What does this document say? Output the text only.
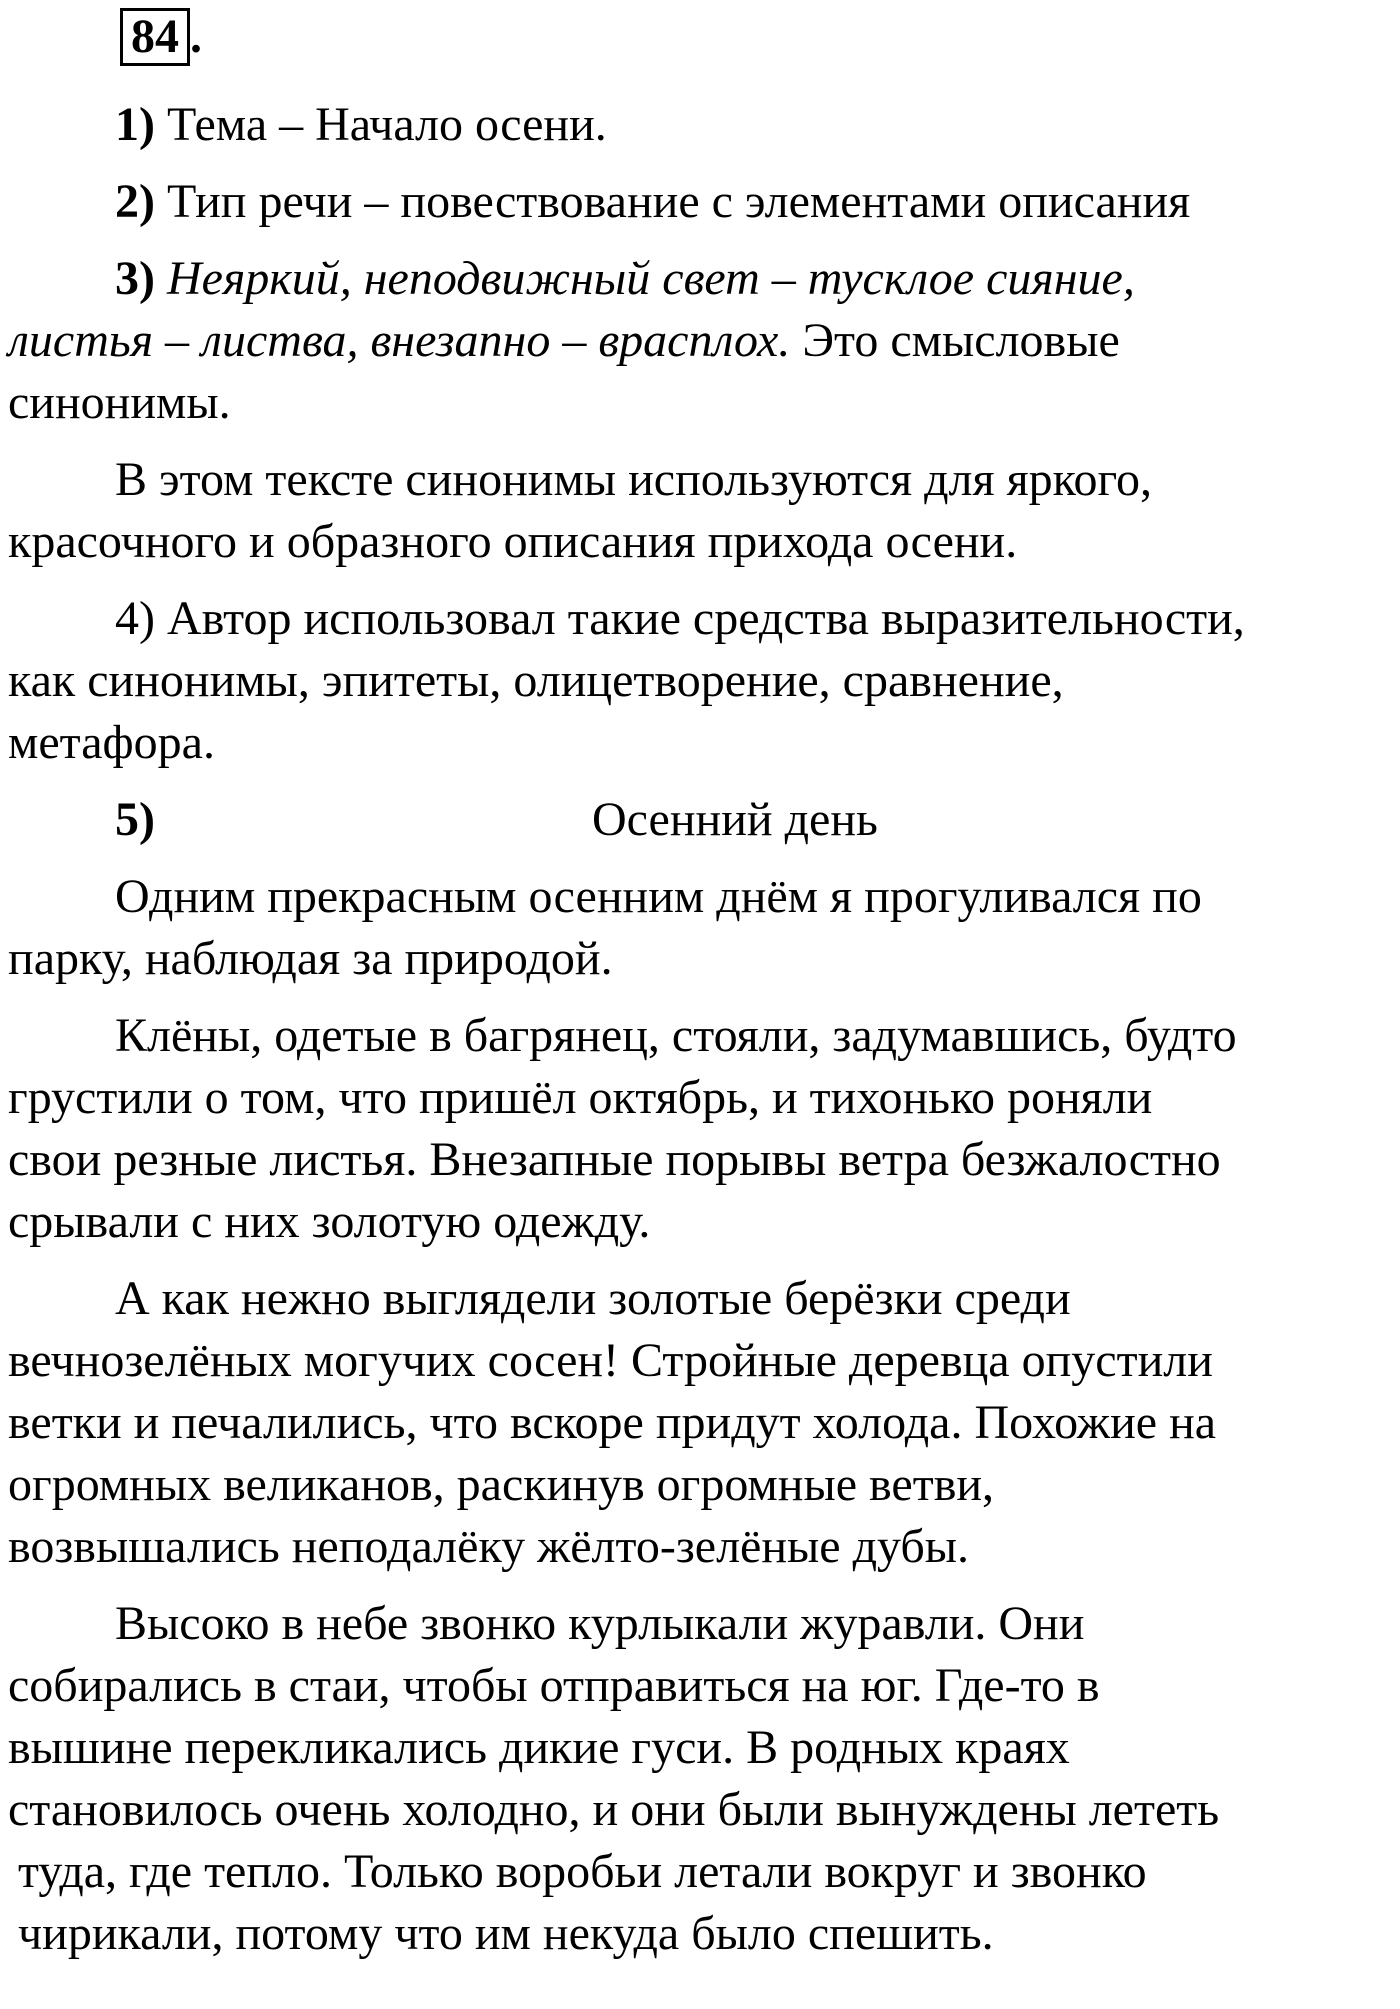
84 .

1) Тема – Начало осени.

2) Тип речи – повествование с элементами описания

3) Неяркий, неподвижный свет – тусклое сияние,
листья – листва, внезапно – врасплох. Это смысловые
синонимы.

В этом тексте синонимы используются для яркого,
красочного и образного описания прихода осени.

4) Автор использовал такие средства выразительности,
как синонимы, эпитеты, олицетворение, сравнение,
метафора.

5)	Осенний день

Одним прекрасным осенним днём я прогуливался по
парку, наблюдая за природой.

Клёны, одетые в багрянец, стояли, задумавшись, будто
грустили о том, что пришёл октябрь, и тихонько роняли
свои резные листья. Внезапные порывы ветра безжалостно
срывали с них золотую одежду.

А как нежно выглядели золотые берёзки среди
вечнозелёных могучих сосен! Стройные деревца опустили
ветки и печалились, что вскоре придут холода. Похожие на
огромных великанов, раскинув огромные ветви,
возвышались неподалёку жёлто-зелёные дубы.

Высоко в небе звонко курлыкали журавли. Они
собирались в стаи, чтобы отправиться на юг. Где-то в
вышине перекликались дикие гуси. В родных краях
становилось очень холодно, и они были вынуждены лететь
туда, где тепло. Только воробьи летали вокруг и звонко
чирикали, потому что им некуда было спешить.
